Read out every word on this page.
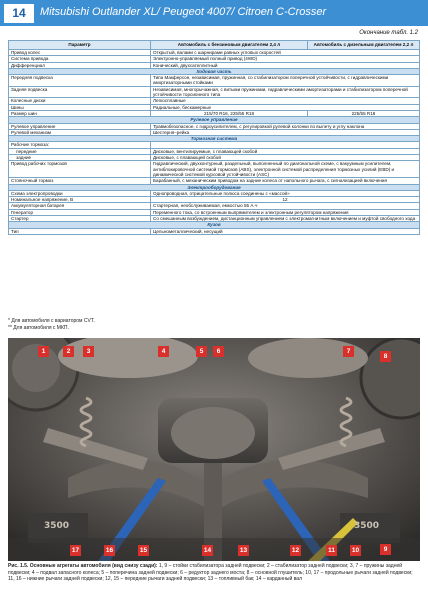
14	Mitsubishi Outlander XL/ Peugeot 4007/ Citroen C-Crosser
Окончание табл. 1.2
Параметр	Автомобиль с бензиновым двигателем 2,4 л	Автомобиль с дизельным двигателем 2,2 л
Привод колес	Открытый, валами с шарнирами равных угловых скоростей	
Система привода	Электронно-управляемый полный привод (4WD)	
Дифференциал	Конический, двухсателлитный	
Ходовая часть		
Передняя подвеска	Типа Макферсон, независимая, пружинная, со стабилизатором поперечной устойчивости, с гидравлическими амортизаторными стойками	
Задняя подвеска	Независимая, многорычажная, с витыми пружинами, гидравлическими амортизаторами и стабилизатором поперечной устойчивости торсионного типа	
Колесные диски	Легкосплавные	
Шины	Радиальные, бескамерные	
Размер шин	215/70 R16, 225/55 R18	225/55 R18
Рулевое управление		
Рулевое управление	Травмобезопасное, с гидроусилителем, с регулировкой рулевой колонки по вылету и углу наклона	
Рулевой механизм	Шестерня–рейка	
Тормозная система		
Рабочие тормоза:		
передние	Дисковые, вентилируемые, с плавающей скобой	
задние	Дисковые, с плавающей скобой	
Привод рабочих тормозов	Гидравлический, двухконтурный, раздельный, выполненный по диагональной схеме, с вакуумным усилителем, антиблокировочной системой тормозов (ABS), электронной системой распределения тормозных усилий (EBD) и динамической системой курсовой устойчивости (ASC)	
Стояночный тормоз	Барабанный, с механическим приводом на задние колеса от напольного рычага, с сигнализацией включения	
Электрооборудование		
Схема электропроводки	Однопроводная, отрицательные полюса соединены с «массой»	
Номинальное напряжение, В	12	
Аккумуляторная батарея	Стартерная, необслуживаемая, емкостью 55 А·ч	
Генератор	Переменного тока, со встроенным выпрямителем и электронным регулятором напряжения	
Стартер	Со смешанным возбуждением, дистанционным управлением с электромагнитным включением и муфтой свободного хода	
Кузов		
Тип	Цельнометаллический, несущий	
* Для автомобиля с вариатором CVT.
** Для автомобиля с МКП.
1	2	3	4	5	6	7
8
9
10
11
12
13
14
15
16
17
3500	3500
Рис. 1.5. Основные агрегаты автомобиля (вид снизу сзади): 1, 9 – стойки стабилизатора задней подвески; 2 – стабилизатор задней подвески; 3, 7 – пружины задней подвески; 4 – подвал запасного колеса; 5 – поперечина задней подвески; 6 – редуктор заднего моста; 8 – основной глушитель; 10, 17 – продольные рычаги задней подвески; 11, 16 – нижние рычаги задней подвески; 12, 15 – передние рычаги задней подвески; 13 – топливный бак; 14 – карданный вал
